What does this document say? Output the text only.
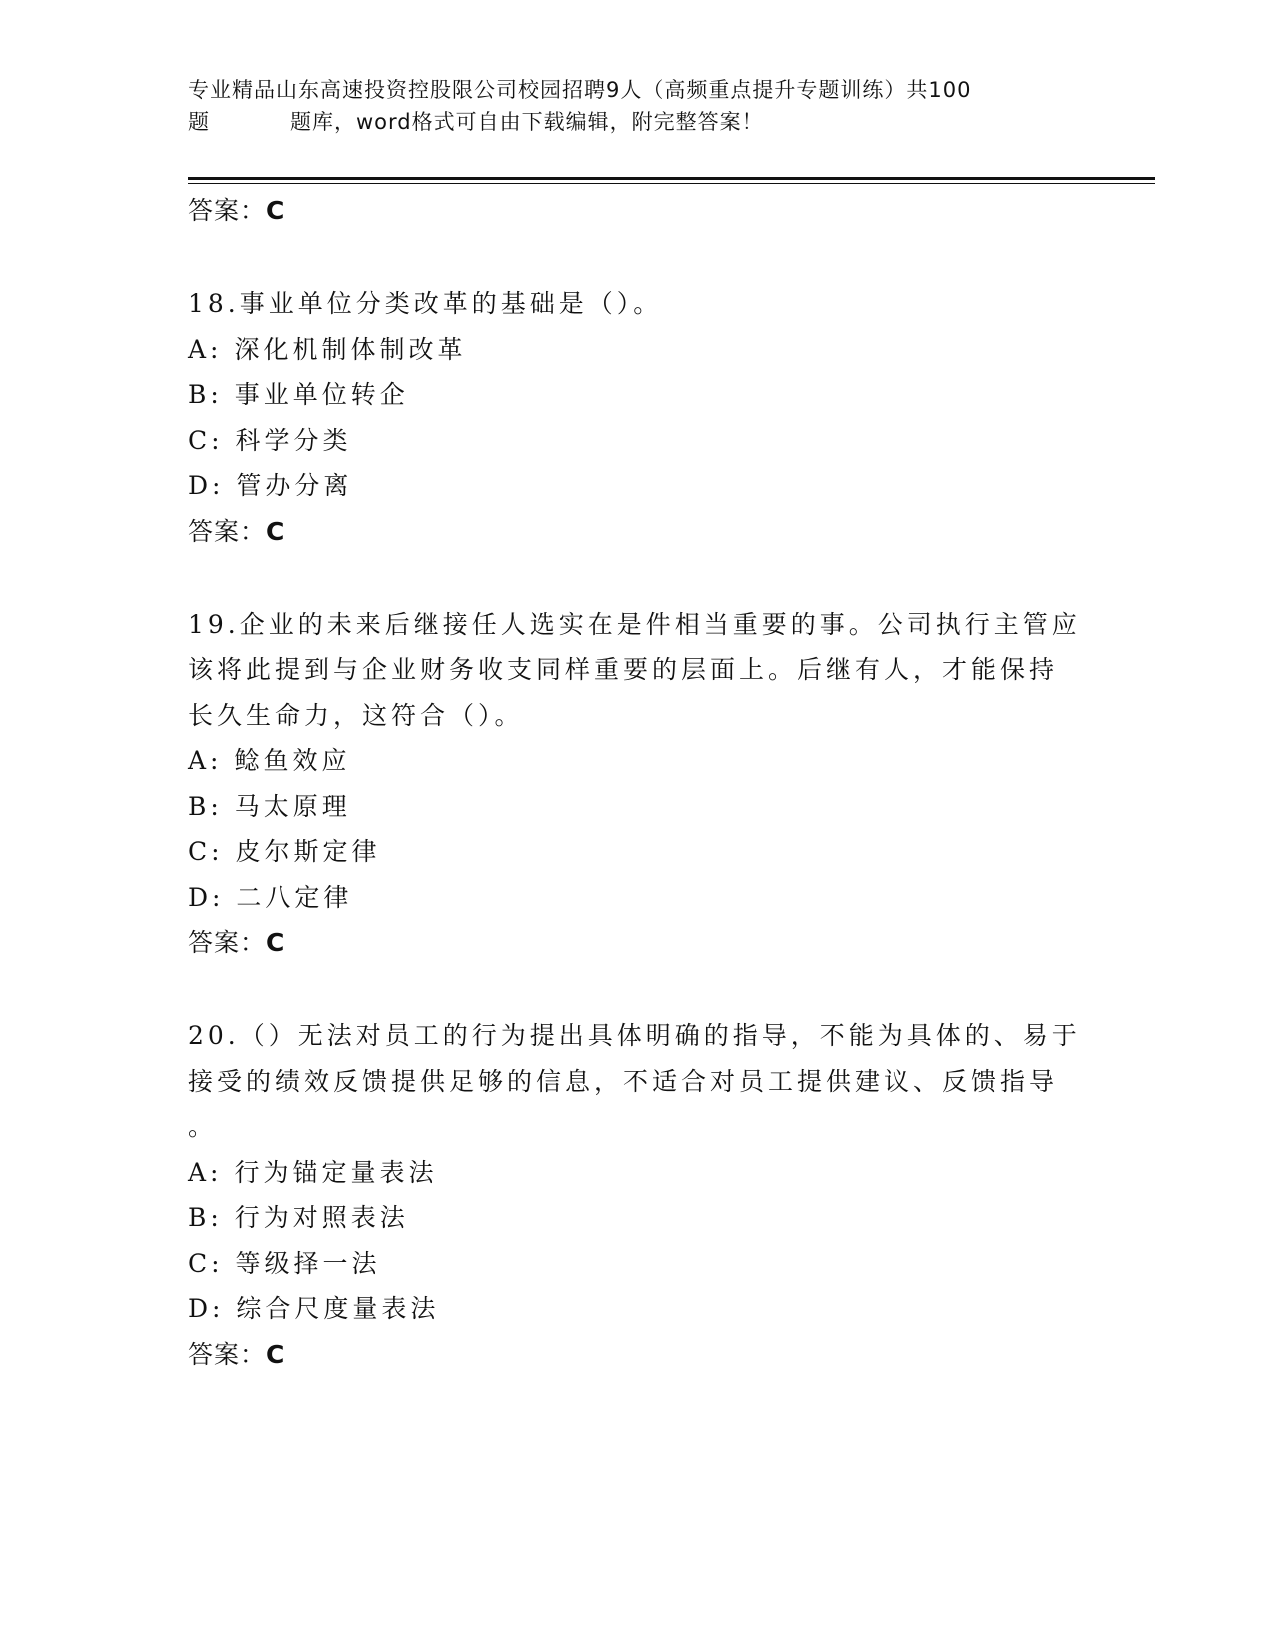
专业精品山东高速投资控股限公司校园招聘9人（高频重点提升专题训练）共100
题	题库，word格式可自由下载编辑，附完整答案！
答案：C

18.事业单位分类改革的基础是（）。

A: 深化机制体制改革

B: 事业单位转企

C: 科学分类

D: 管办分离

答案：C

19.企业的未来后继接任人选实在是件相当重要的事。公司执行主管应

该将此提到与企业财务收支同样重要的层面上。后继有人，才能保持

长久生命力，这符合（）。

A: 鲶鱼效应

B: 马太原理

C: 皮尔斯定律

D: 二八定律

答案：C

20.（）无法对员工的行为提出具体明确的指导，不能为具体的、易于

接受的绩效反馈提供足够的信息，不适合对员工提供建议、反馈指导

。

A: 行为锚定量表法

B: 行为对照表法

C: 等级择一法

D: 综合尺度量表法

答案：C
